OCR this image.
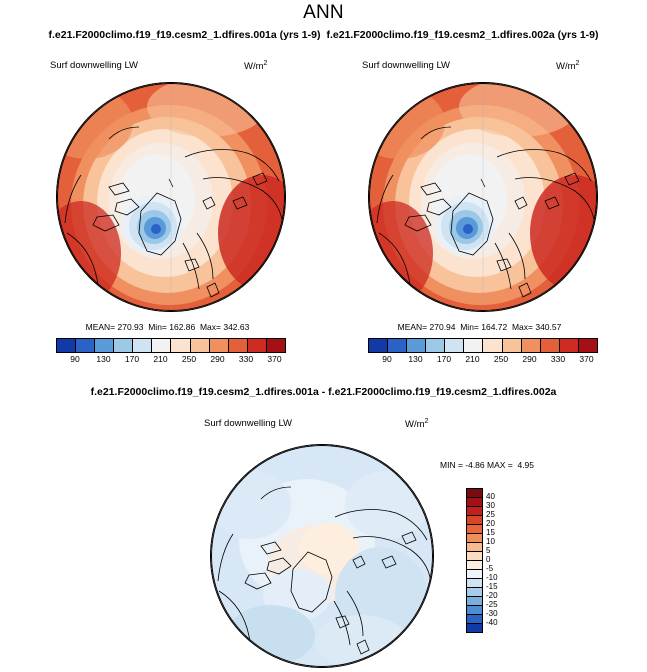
ANN
f.e21.F2000climo.f19_f19.cesm2_1.dfires.001a (yrs 1-9) f.e21.F2000climo.f19_f19.cesm2_1.dfires.002a (yrs 1-9)
Surf downwelling LW	$W/m^2$
MEAN= 270.93  Min= 162.86  Max= 342.63
90	130 170 210 250 290 330 370
Surf downwelling LW	$W/m^2$
MEAN= 270.94  Min= 164.72  Max= 340.57
90	130 170 210 250 290 330 370
f.e21.F2000climo.f19_f19.cesm2_1.dfires.001a - f.e21.F2000climo.f19_f19.cesm2_1.dfires.002a
Surf downwelling LW	$W/m^2$
MIN = -4.86 MAX =  4.95
40
30
25
20
15
10
5
0
-5
-10
-15
-20
-25
-30
-40
